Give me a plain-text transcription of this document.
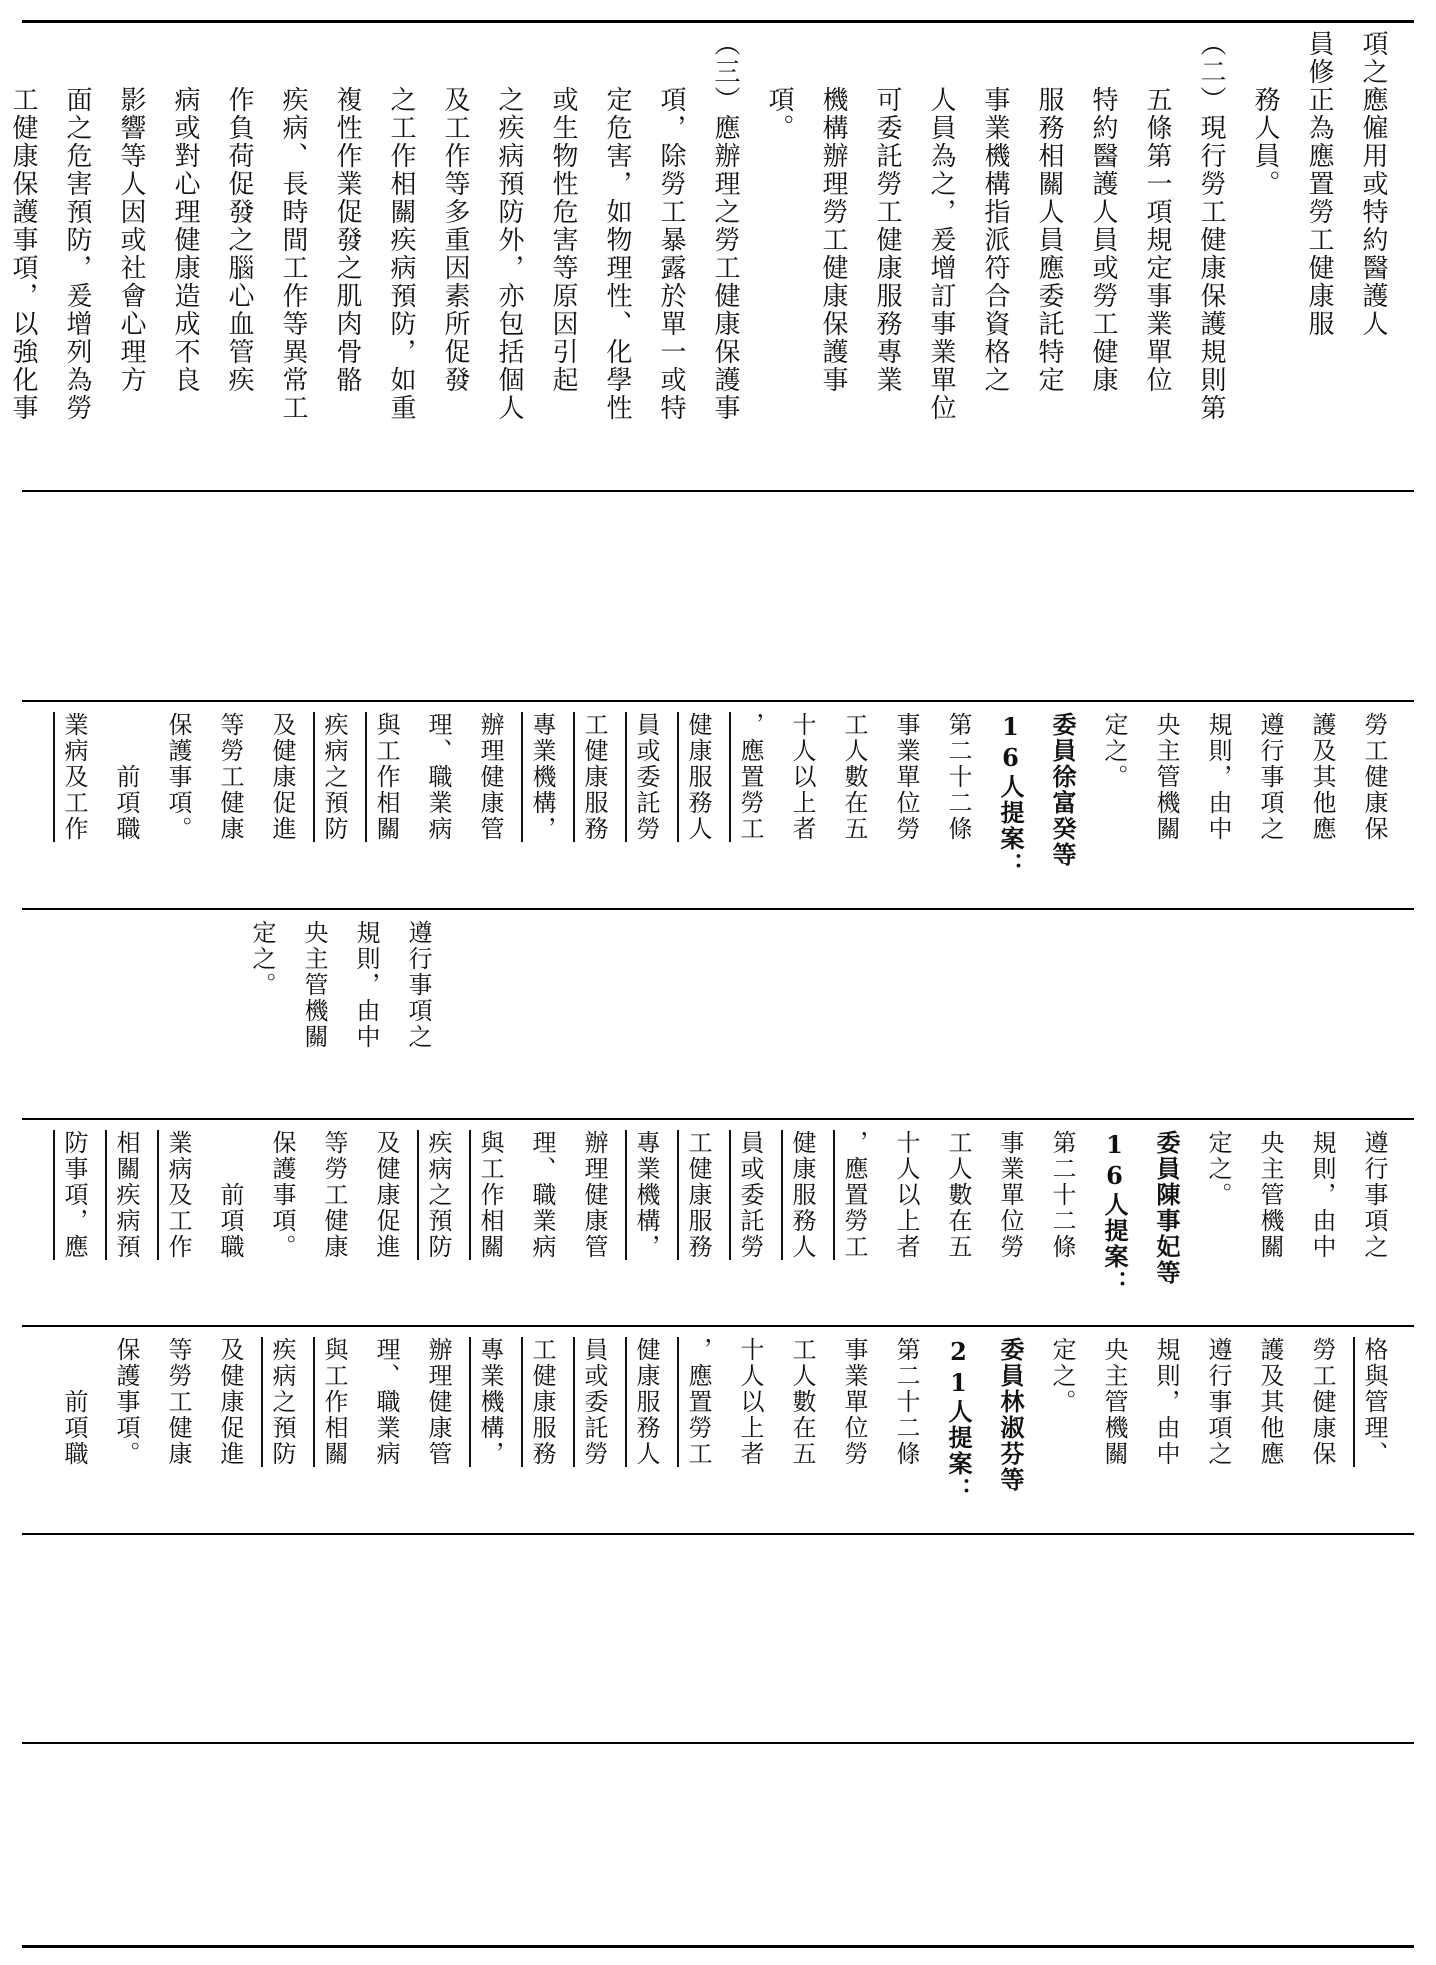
項之應僱用或特約醫護人
員修正為應置勞工健康服
　　務人員。
（二）現行勞工健康保護規則第
　　五條第一項規定事業單位
　　特約醫護人員或勞工健康
　　服務相關人員應委託特定
　　事業機構指派符合資格之
　　人員為之，爰增訂事業單位
　　可委託勞工健康服務專業
　　機構辦理勞工健康保護事
　　項。
（三）應辦理之勞工健康保護事
　　項，除勞工暴露於單一或特
　　定危害，如物理性、化學性
　　或生物性危害等原因引起
　　之疾病預防外，亦包括個人
　　及工作等多重因素所促發
　　之工作相關疾病預防，如重
　　複性作業促發之肌肉骨骼
　　疾病、長時間工作等異常工
　　作負荷促發之腦心血管疾
　　病或對心理健康造成不良
　　影響等人因或社會心理方
　　面之危害預防，爰增列為勞
　　工健康保護事項，以強化事
勞工健康保
護及其他應
遵行事項之
規則，由中
央主管機關
定之。
委員徐富癸等
16人提案：
第二十二條
事業單位勞
工人數在五
十人以上者
，應置勞工
健康服務人
員或委託勞
工健康服務
專業機構，
辦理健康管
理、職業病
與工作相關
疾病之預防
及健康促進
等勞工健康
保護事項。
　　前項職
業病及工作
遵行事項之
規則，由中
央主管機關
定之。
遵行事項之
規則，由中
央主管機關
定之。
委員陳事妃等
16人提案：
第二十二條
事業單位勞
工人數在五
十人以上者
，應置勞工
健康服務人
員或委託勞
工健康服務
專業機構，
辦理健康管
理、職業病
與工作相關
疾病之預防
及健康促進
等勞工健康
保護事項。
　　前項職
業病及工作
相關疾病預
防事項，應
格與管理、
勞工健康保
護及其他應
遵行事項之
規則，由中
央主管機關
定之。
委員林淑芬等
21人提案：
第二十二條
事業單位勞
工人數在五
十人以上者
，應置勞工
健康服務人
員或委託勞
工健康服務
專業機構，
辦理健康管
理、職業病
與工作相關
疾病之預防
及健康促進
等勞工健康
保護事項。
　　前項職
